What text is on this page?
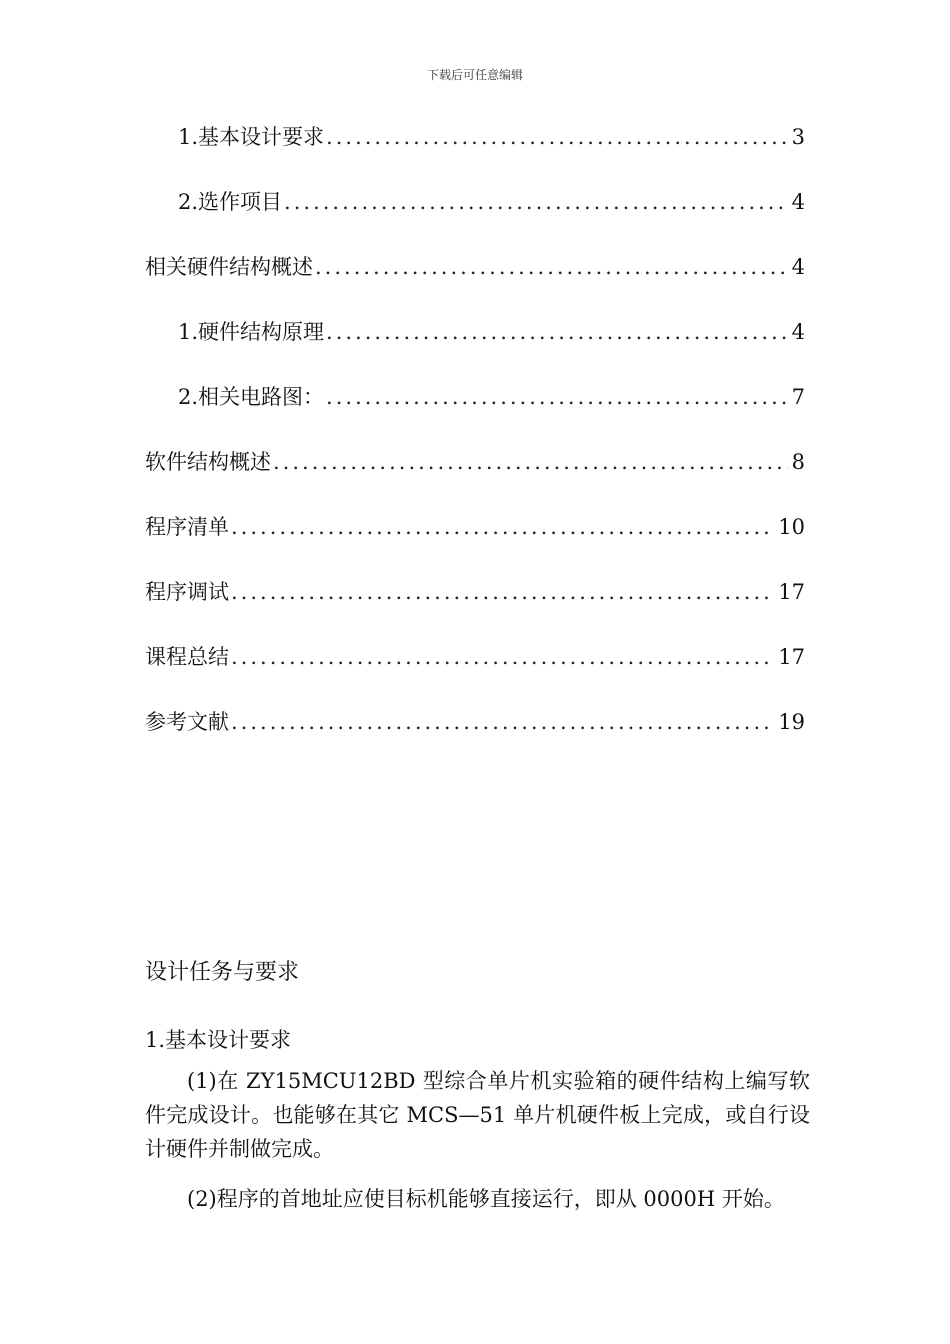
下载后可任意编辑
1.基本设计要求 .....	3
2.选作项目 .....	4
相关硬件结构概述 .....	4
1.硬件结构原理 .....	4
2.相关电路图： .....	7
软件结构概述 .....	8
程序清单 .....	10
程序调试 .....	17
课程总结 .....	17
参考文献 .....	19
设计任务与要求
1.基本设计要求

(1)在 ZY15MCU12BD 型综合单片机实验箱的硬件结构上编写软件完成设计。也能够在其它 MCS—51 单片机硬件板上完成，或自行设计硬件并制做完成。

(2)程序的首地址应使目标机能够直接运行，即从 0000H 开始。
